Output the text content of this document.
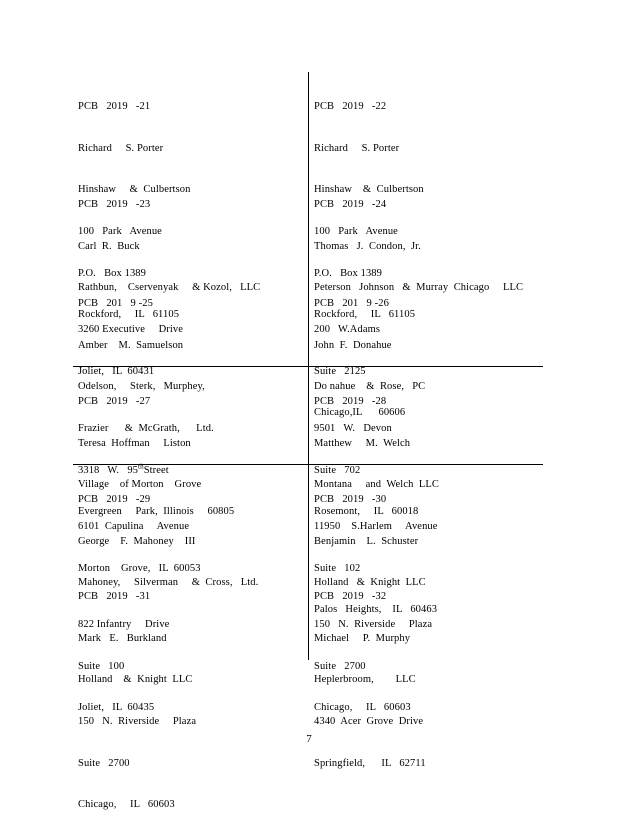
PCB   2019   -21

Richard     S. Porter

Hinshaw     &  Culbertson

100   Park   Avenue

P.O.   Box 1389

Rockford,     IL   61105

PCB   2019   -22

Richard     S. Porter

Hinshaw    &  Culbertson

100   Park   Avenue

P.O.   Box 1389

Rockford,     IL   61105

PCB   2019   -23

Carl  R.  Buck

Rathbun,    Cservenyak     & Kozol,   LLC

3260 Executive     Drive

Joliet,   IL  60431

PCB   2019   -24

Thomas   J.  Condon,  Jr.

Peterson   Johnson   &  Murray  Chicago     LLC

200   W.Adams

Suite   2125

Chicago,IL      60606

PCB   201   9 -25

Amber    M.  Samuelson

Odelson,     Sterk,   Murphey,

Frazier      &  McGrath,      Ltd.

3318   W.   95thStreet

Evergreen     Park,  Illinois     60805

PCB   201   9 -26

John  F.  Donahue

Do nahue    &  Rose,   PC

9501   W.   Devon

Suite   702

Rosemont,     IL   60018

PCB   2019   -27

Teresa  Hoffman     Liston

Village    of Morton    Grove

6101  Capulina     Avenue

Morton    Grove,   IL  60053

PCB   2019   -28

Matthew     M.  Welch

Montana     and  Welch  LLC

11950    S.Harlem     Avenue

Suite   102

Palos   Heights,    IL   60463

PCB   2019   -29

George    F.  Mahoney    III

Mahoney,     Silverman     &  Cross,   Ltd.

822 Infantry     Drive

Suite   100

Joliet,   IL  60435

PCB   2019   -30

Benjamin    L.  Schuster

Holland   &  Knight  LLC

150   N.  Riverside     Plaza

Suite   2700

Chicago,     IL   60603

PCB   2019   -31

Mark   E.   Burkland

Holland    &  Knight  LLC

150   N.  Riverside     Plaza

Suite   2700

Chicago,     IL   60603

PCB   2019   -32

Michael     P.  Murphy

Heplerbroom,        LLC

4340  Acer  Grove  Drive

Springfield,      IL   62711

7
